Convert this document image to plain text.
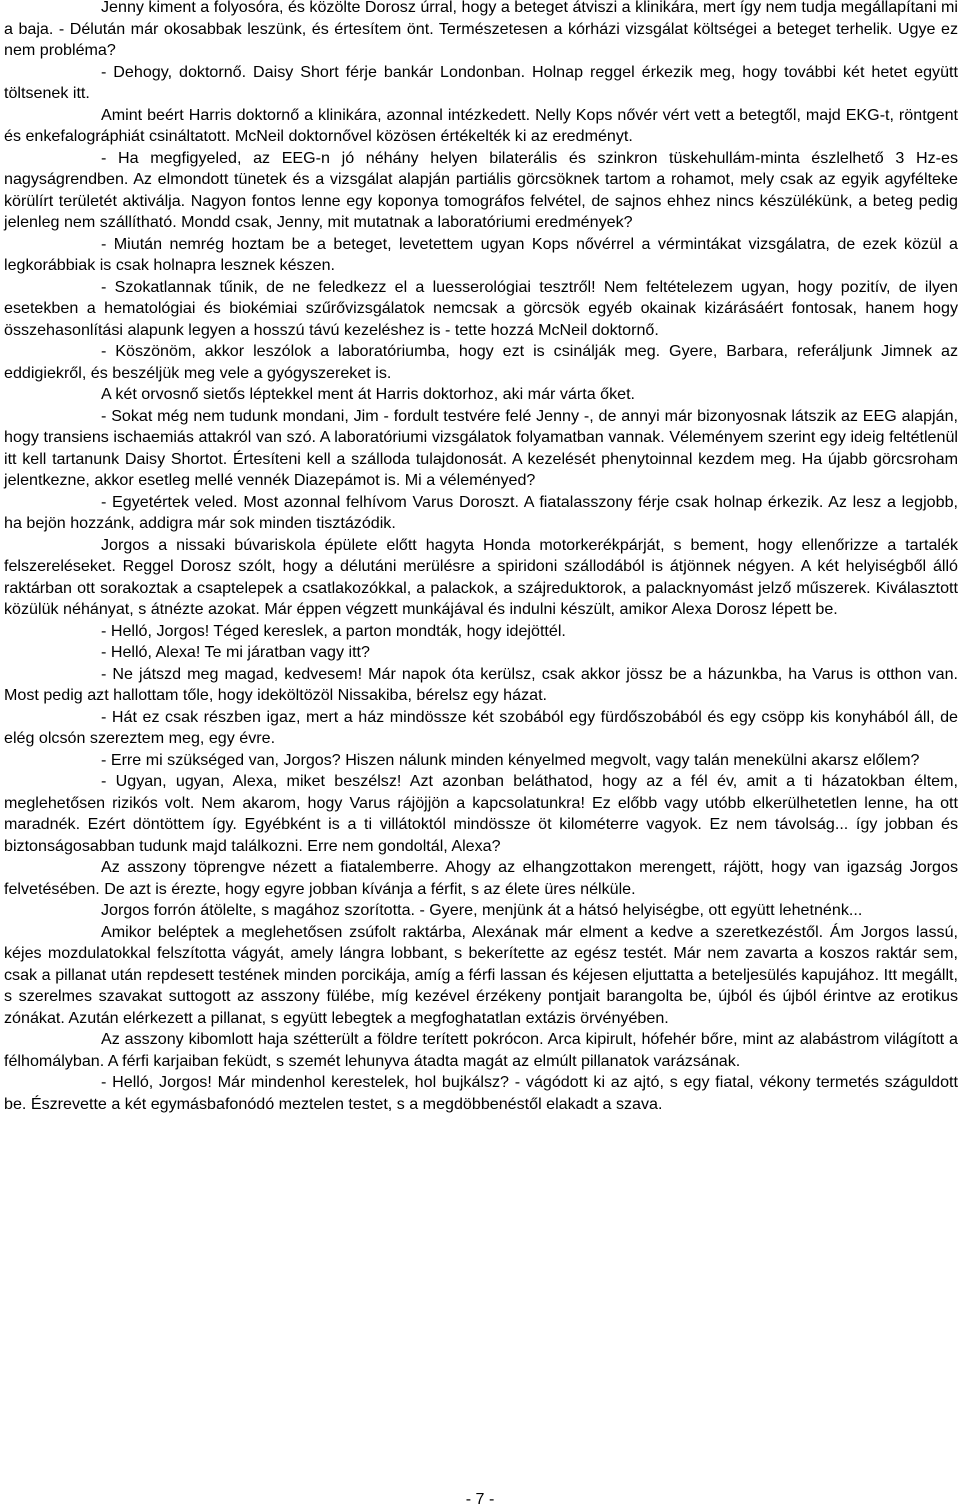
Jenny kiment a folyosóra, és közölte Dorosz úrral, hogy a beteget átviszi a klinikára, mert így nem tudja megállapítani mi a baja. - Délután már okosabbak leszünk, és értesítem önt. Természetesen a kórházi vizsgálat költségei a beteget terhelik. Ugye ez nem probléma?

- Dehogy, doktornő. Daisy Short férje bankár Londonban. Holnap reggel érkezik meg, hogy további két hetet együtt töltsenek itt.

Amint beért Harris doktornő a klinikára, azonnal intézkedett. Nelly Kops nővér vért vett a betegtől, majd EKG-t, röntgent és enkefalográphiát csináltatott. McNeil doktornővel közösen értékelték ki az eredményt.

- Ha megfigyeled, az EEG-n jó néhány helyen bilaterális és szinkron tüskehullám-minta észlelhető 3 Hz-es nagyságrendben. Az elmondott tünetek és a vizsgálat alapján partiális görcsöknek tartom a rohamot, mely csak az egyik agyféltеke körülírt területét aktiválja. Nagyon fontos lenne egy koponya tomográfos felvétel, de sajnos ehhez nincs készülékünk, a beteg pedig jelenleg nem szállítható. Mondd csak, Jenny, mit mutatnak a laboratóriumi eredmények?

- Miután nemrég hoztam be a beteget, levetettem ugyan Kops nővérrel a vérmintákat vizsgálatra, de ezek közül a legkorábbiak is csak holnapra lesznek készen.

- Szokatlannak tűnik, de ne feledkezz el a luesserológiai tesztről! Nem feltételezem ugyan, hogy pozitív, de ilyen esetekben a hematológiai és biokémiai szűrővizsgálatok nemcsak a görcsök egyéb okainak kizárásáért fontosak, hanem hogy összehasonlítási alapunk legyen a hosszú távú kezeléshez is - tette hozzá McNeil doktornő.

- Köszönöm, akkor leszólok a laboratóriumba, hogy ezt is csinálják meg. Gyere, Barbara, referáljunk Jimnek az eddigiekről, és beszéljük meg vele a gyógyszereket is.

A két orvosnő sietős léptekkel ment át Harris doktorhoz, aki már várta őket.

- Sokat még nem tudunk mondani, Jim - fordult testvére felé Jenny -, de annyi már bizonyosnak látszik az EEG alapján, hogy transiens ischaemiás attakról van szó. A laboratóriumi vizsgálatok folyamatban vannak. Véleményem szerint egy ideig feltétlenül itt kell tartanunk Daisy Shortot. Értesíteni kell a szálloda tulajdonosát. A kezelését phenytoinnal kezdem meg. Ha újabb görcsroham jelentkezne, akkor esetleg mellé vennék Diazepámot is. Mi a véleményed?

- Egyetértek veled. Most azonnal felhívom Varus Doroszt. A fiatalasszony férje csak holnap érkezik. Az lesz a legjobb, ha bejön hozzánk, addigra már sok minden tisztázódik.

Jorgos a nissaki búvariskola épülete előtt hagyta Honda motorkerékpárját, s bement, hogy ellenőrizze a tartalék felszereléseket. Reggel Dorosz szólt, hogy a délutáni merülésre a spiridoni szállodából is átjönnek négyen. A két helyiségből álló raktárban ott sorakoztak a csaptelepek a csatlakozókkal, a palackok, a szájreduktorok, a palacknyomást jelző műszerek. Kiválasztott közülük néhányat, s átnézte azokat. Már éppen végzett munkájával és indulni készült, amikor Alexa Dorosz lépett be.

- Helló, Jorgos! Téged kereslek, a parton mondták, hogy idejöttél.

- Helló, Alexa! Te mi járatban vagy itt?

- Ne játszd meg magad, kedvesem! Már napok óta kerülsz, csak akkor jössz be a házunkba, ha Varus is otthon van. Most pedig azt hallottam tőle, hogy ideköltözöl Nissakiba, bérelsz egy házat.

- Hát ez csak részben igaz, mert a ház mindössze két szobából egy fürdőszobából és egy csöpp kis konyhából áll, de elég olcsón szereztem meg, egy évre.

- Erre mi szükséged van, Jorgos? Hiszen nálunk minden kényelmed megvolt, vagy talán menekülni akarsz előlem?

- Ugyan, ugyan, Alexa, miket beszélsz! Azt azonban beláthatod, hogy az a fél év, amit a ti házatokban éltem, meglehetősen rizikós volt. Nem akarom, hogy Varus rájöjjön a kapcsolatunkra! Ez előbb vagy utóbb elkerülhetetlen lenne, ha ott maradnék. Ezért döntöttem így. Egyébként is a ti villátoktól mindössze öt kilométerre vagyok. Ez nem távolság... így jobban és biztonságosabban tudunk majd találkozni. Erre nem gondoltál, Alexa?

Az asszony töprengve nézett a fiatalemberre. Ahogy az elhangzottakon merengett, rájött, hogy van igazság Jorgos felvetésében. De azt is érezte, hogy egyre jobban kívánja a férfit, s az élete üres nélküle.

Jorgos forrón átölelte, s magához szorította. - Gyere, menjünk át a hátsó helyiségbe, ott együtt lehetnénk...

Amikor beléptek a meglehetősen zsúfolt raktárba, Alexának már elment a kedve a szeretkezéstől. Ám Jorgos lassú, kéjes mozdulatokkal felszította vágyát, amely lángra lobbant, s bekerítette az egész testét. Már nem zavarta a koszos raktár sem, csak a pillanat után repdesett testének minden porcikája, amíg a férfi lassan és kéjesen eljuttatta a beteljesülés kapujához. Itt megállt, s szerelmes szavakat suttogott az asszony fülébe, míg kezével érzékeny pontjait barangolta be, újból és újból érintve az erotikus zónákat. Azután elérkezett a pillanat, s együtt lebegtek a megfoghatatlan extázis örvényében.

Az asszony kibomlott haja szétterült a földre terített pokrócon. Arca kipirult, hófehér bőre, mint az alabástrom világított a félhomályban. A férfi karjaiban feküdt, s szemét lehunyva átadta magát az elmúlt pillanatok varázsának.

- Helló, Jorgos! Már mindenhol kerestelek, hol bujkálsz? - vágódott ki az ajtó, s egy fiatal, vékony termetés száguldott be. Észrevette a két egymásbafonódó meztelen testet, s a megdöbbenéstől elakadt a szava.

- 7 -
